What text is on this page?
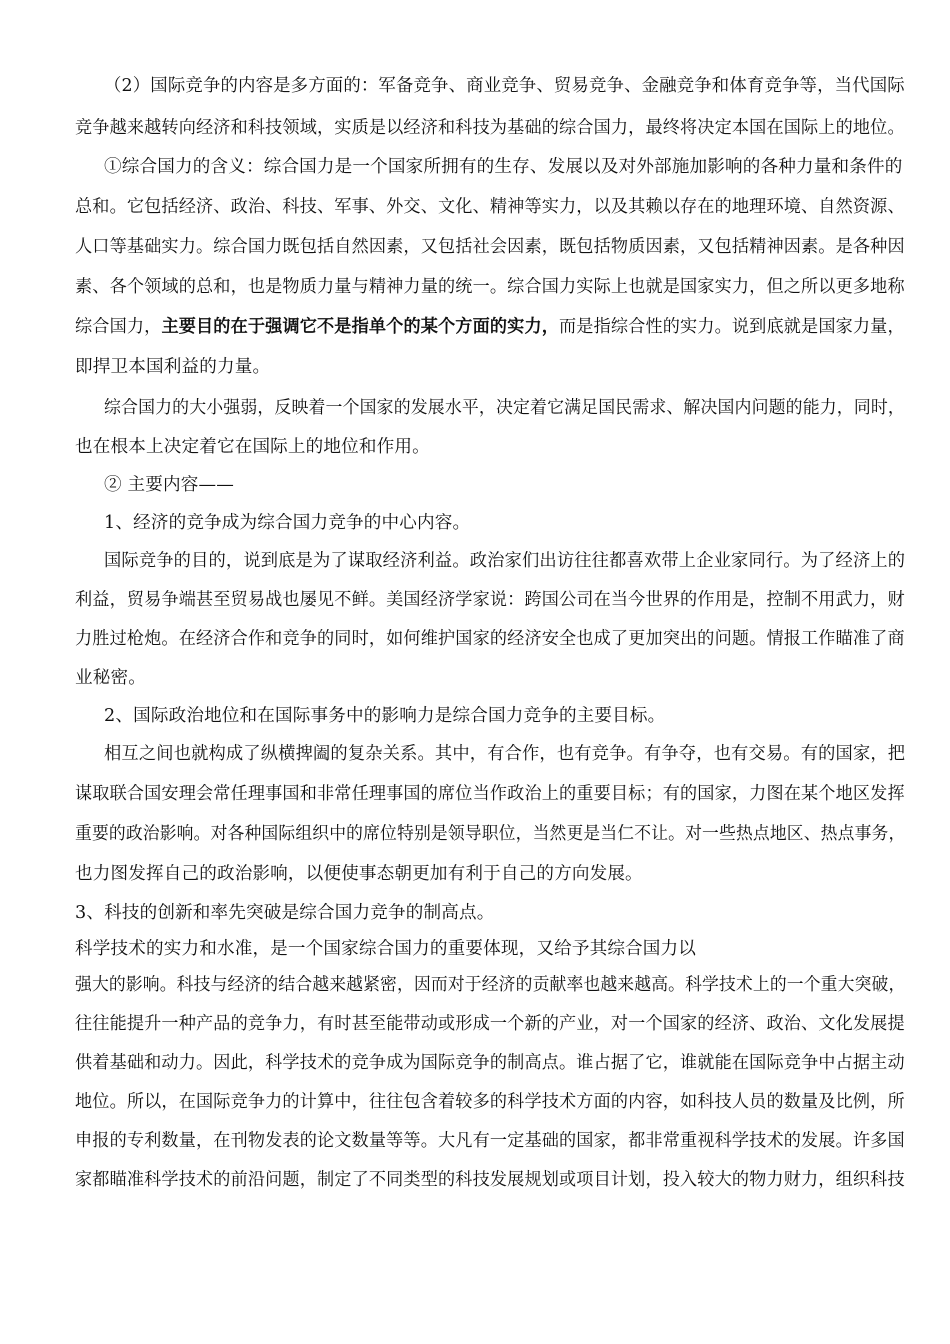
（2）国际竞争的内容是多方面的：军备竞争、商业竞争、贸易竞争、金融竞争和体育竞争等，当代国际
竞争越来越转向经济和科技领域，实质是以经济和科技为基础的综合国力，最终将决定本国在国际上的地位。
①综合国力的含义：综合国力是一个国家所拥有的生存、发展以及对外部施加影响的各种力量和条件的
总和。它包括经济、政治、科技、军事、外交、文化、精神等实力，以及其赖以存在的地理环境、自然资源、
人口等基础实力。综合国力既包括自然因素，又包括社会因素，既包括物质因素，又包括精神因素。是各种因
素、各个领域的总和，也是物质力量与精神力量的统一。综合国力实际上也就是国家实力，但之所以更多地称
综合国力，主要目的在于强调它不是指单个的某个方面的实力，而是指综合性的实力。说到底就是国家力量，
即捍卫本国利益的力量。
综合国力的大小强弱，反映着一个国家的发展水平，决定着它满足国民需求、解决国内问题的能力，同时，
也在根本上决定着它在国际上的地位和作用。
② 主要内容——
1、经济的竞争成为综合国力竞争的中心内容。
国际竞争的目的，说到底是为了谋取经济利益。政治家们出访往往都喜欢带上企业家同行。为了经济上的
利益，贸易争端甚至贸易战也屡见不鲜。美国经济学家说：跨国公司在当今世界的作用是，控制不用武力，财
力胜过枪炮。在经济合作和竞争的同时，如何维护国家的经济安全也成了更加突出的问题。情报工作瞄准了商
业秘密。
2、国际政治地位和在国际事务中的影响力是综合国力竞争的主要目标。
相互之间也就构成了纵横捭阖的复杂关系。其中，有合作，也有竞争。有争夺，也有交易。有的国家，把
谋取联合国安理会常任理事国和非常任理事国的席位当作政治上的重要目标；有的国家，力图在某个地区发挥
重要的政治影响。对各种国际组织中的席位特别是领导职位，当然更是当仁不让。对一些热点地区、热点事务，
也力图发挥自己的政治影响，以便使事态朝更加有利于自己的方向发展。
3、科技的创新和率先突破是综合国力竞争的制高点。
科学技术的实力和水准，是一个国家综合国力的重要体现，又给予其综合国力以
强大的影响。科技与经济的结合越来越紧密，因而对于经济的贡献率也越来越高。科学技术上的一个重大突破，
往往能提升一种产品的竞争力，有时甚至能带动或形成一个新的产业，对一个国家的经济、政治、文化发展提
供着基础和动力。因此，科学技术的竞争成为国际竞争的制高点。谁占据了它，谁就能在国际竞争中占据主动
地位。所以，在国际竞争力的计算中，往往包含着较多的科学技术方面的内容，如科技人员的数量及比例，所
申报的专利数量，在刊物发表的论文数量等等。大凡有一定基础的国家，都非常重视科学技术的发展。许多国
家都瞄准科学技术的前沿问题，制定了不同类型的科技发展规划或项目计划，投入较大的物力财力，组织科技
